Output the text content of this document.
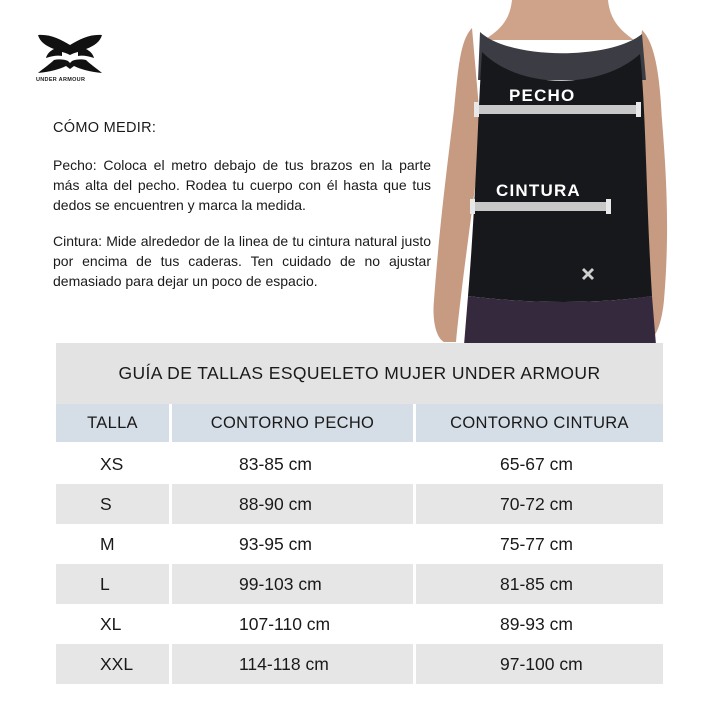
UNDER ARMOUR
CÓMO MEDIR:
Pecho: Coloca el metro debajo de tus brazos en la parte más alta del pecho. Rodea tu cuerpo con él hasta que tus dedos se encuentren y marca la medida.
Cintura: Mide alrededor de la linea de tu cintura natural justo por encima de tus caderas. Ten cuidado de no ajustar demasiado para dejar un poco de espacio.
PECHO
CINTURA
GUÍA DE TALLAS ESQUELETO MUJER UNDER ARMOUR
TALLA	CONTORNO PECHO	CONTORNO CINTURA
XS	83-85 cm	65-67 cm
S	88-90 cm	70-72 cm
M	93-95 cm	75-77 cm
L	99-103 cm	81-85 cm
XL	107-110 cm	89-93 cm
XXL	114-118 cm	97-100 cm
